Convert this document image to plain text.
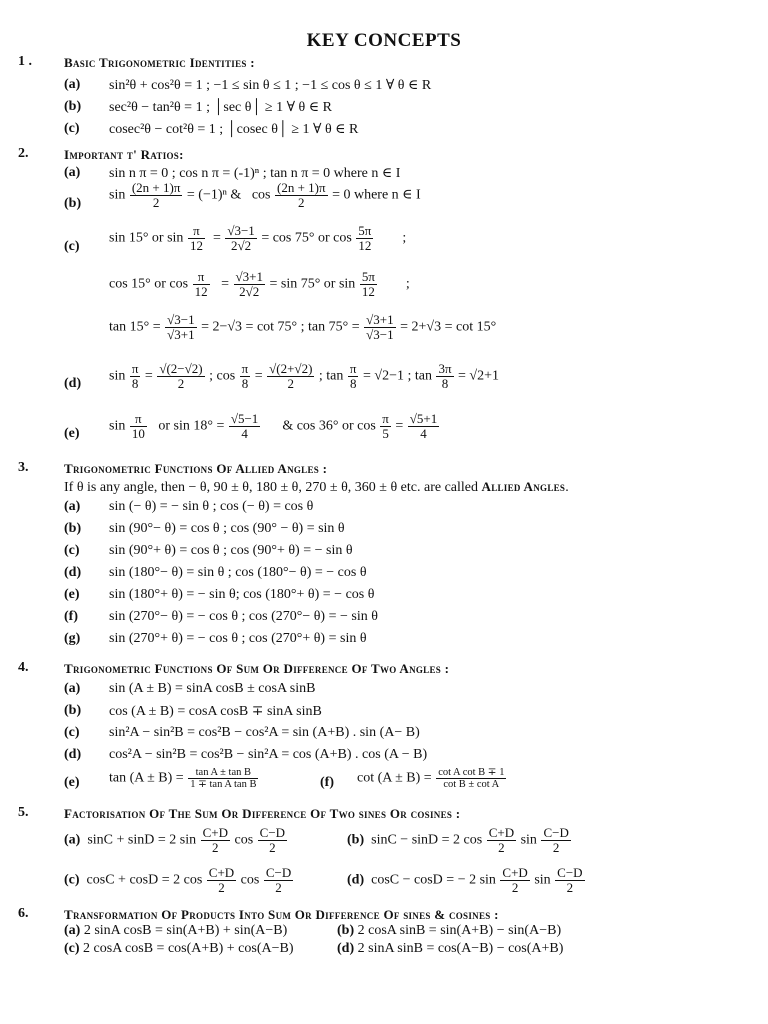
KEY CONCEPTS
1 . Basic Trigonometric Identities :
(a) sin²θ + cos²θ = 1 ; −1 ≤ sin θ ≤ 1 ; −1 ≤ cos θ ≤ 1 ∀ θ ∈ R
(b) sec²θ − tan²θ = 1 ; │sec θ│ ≥ 1 ∀ θ ∈ R
(c) cosec²θ − cot²θ = 1 ; │cosec θ│ ≥ 1 ∀ θ ∈ R
2.	Important t' Ratios:
(a) sin n π = 0 ; cos n π = (-1)ⁿ ; tan n π = 0 where n ∈ I
(b)
$\sin \frac{(2n + 1)\pi}{2} = (-1)^n$ & $\cos \frac{(2n + 1)\pi}{2} = 0$ where n ∈ I
(c)
sin 15° or $\sin \frac{\pi}{12} = \frac{√3-1}{2√2} = \cos 75^\circ$ or $\cos \frac{5\pi}{12}$ ;
cos 15° or $\cos \frac{\pi}{12} = \frac{√3+1}{2√2} = \sin 75^\circ$ or $\sin \frac{5\pi}{12}$ ;
$\tan 15^\circ = \frac{√3-1}{√3+1} = 2-√3 = \cot 75^\circ$ ; $\tan 75^\circ = \frac{√3+1}{√3-1} = 2+√3 = \cot 15^\circ$
(d)
$\sin \frac{\pi}{8} = \frac{√(2-√2)}{2}$ ; $\cos \frac{\pi}{8} = \frac{√(2+√2)}{2}$ ; $\tan \frac{\pi}{8} = √2-1$ ; $\tan \frac{3\pi}{8} = √2+1$
(e)
$\sin \frac{\pi}{10}$ or $\sin 18^\circ = \frac{√5-1}{4}$ & cos 36° or $\cos \frac{\pi}{5} = \frac{√5+1}{4}$
3.	Trigonometric Functions Of Allied Angles :
If θ is any angle, then − θ, 90 ± θ, 180 ± θ, 270 ± θ, 360 ± θ etc. are called Allied Angles.
(a) sin (− θ) = − sin θ ; cos (− θ) = cos θ
(b) sin (90°− θ) = cos θ ; cos (90° − θ) = sin θ
(c) sin (90°+ θ) = cos θ ; cos (90°+ θ) = − sin θ
(d) sin (180°− θ) = sin θ ; cos (180°− θ) = − cos θ
(e) sin (180°+ θ) = − sin θ; cos (180°+ θ) = − cos θ
(f) sin (270°− θ) = − cos θ ; cos (270°− θ) = − sin θ
(g) sin (270°+ θ) = − cos θ ; cos (270°+ θ) = sin θ
4.	Trigonometric Functions Of Sum Or Difference Of Two Angles :
(a) sin (A ± B) = sinA cosB ± cosA sinB
(b) cos (A ± B) = cosA cosB ∓ sinA sinB
(c) sin²A − sin²B = cos²B − cos²A = sin (A+B) . sin (A− B)
(d) cos²A − sin²B = cos²B − sin²A = cos (A+B) . cos (A − B)
(e) $\tan (A \pm B) = \frac{\text{tan A ± tan B}}{\text{1 ∓ tan A tan B}}$	(f) $\cot (A \pm B) = \frac{\text{cot A cot B ∓ 1}}{\text{cot B ± cot A}}$
5.	Factorisation Of The Sum Or Difference Of Two sines Or cosines :
(a) sinC + sinD = 2 $\sin \frac{C+D}{2}$ $\cos \frac{C-D}{2}$	(b) sinC − sinD = 2 $\cos \frac{C+D}{2}$ $\sin \frac{C-D}{2}$
(c) cosC + cosD = 2 $\cos \frac{C+D}{2}$ $\cos \frac{C-D}{2}$	(d) cosC − cosD = − 2 $\sin \frac{C+D}{2}$ $\sin \frac{C-D}{2}$
6.	Transformation Of Products Into Sum Or Difference Of sines & cosines :
(a) 2 sinA cosB = sin(A+B) + sin(A−B)	(b) 2 cosA sinB = sin(A+B) − sin(A−B)
(c) 2 cosA cosB = cos(A+B) + cos(A−B)	(d) 2 sinA sinB = cos(A−B) − cos(A+B)
